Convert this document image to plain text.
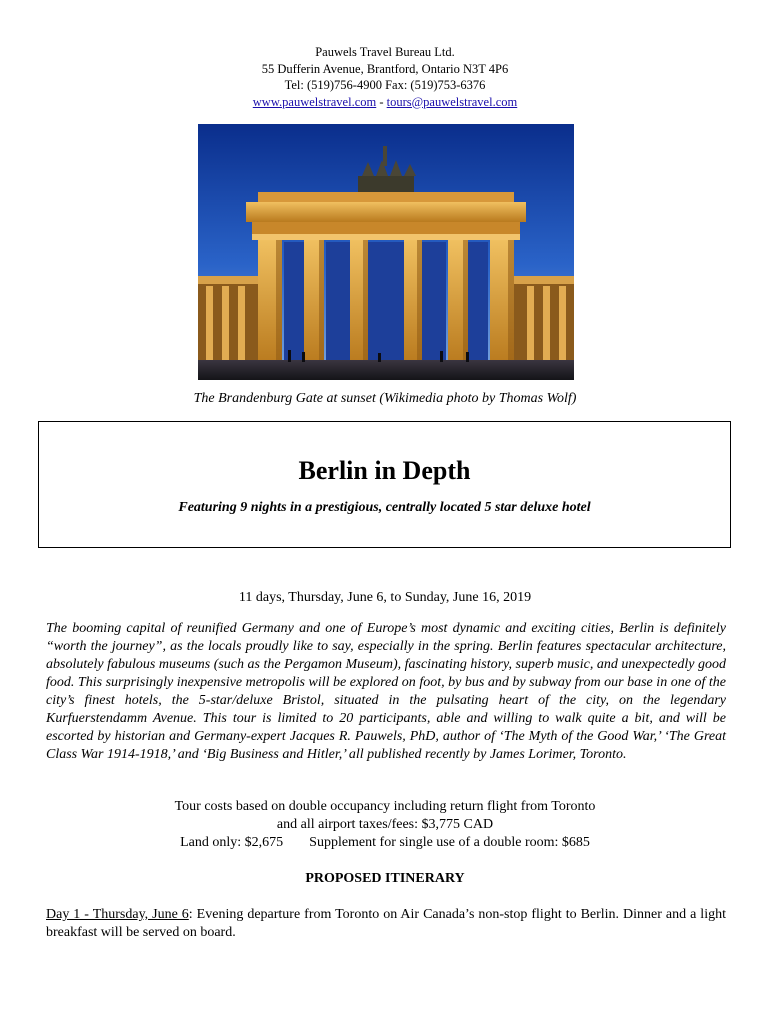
Pauwels Travel Bureau Ltd.
55 Dufferin Avenue, Brantford, Ontario N3T 4P6
Tel: (519)756-4900 Fax: (519)753-6376
www.pauwelstravel.com - tours@pauwelstravel.com
The Brandenburg Gate at sunset (Wikimedia photo by Thomas Wolf)
Berlin in Depth
Featuring 9 nights in a prestigious, centrally located 5 star deluxe hotel
11 days, Thursday, June 6, to Sunday, June 16, 2019
The booming capital of reunified Germany and one of Europe’s most dynamic and exciting cities, Berlin is definitely “worth the journey”, as the locals proudly like to say, especially in the spring. Berlin features spectacular architecture, absolutely fabulous museums (such as the Pergamon Museum), fascinating history, superb music, and unexpectedly good food. This surprisingly inexpensive metropolis will be explored on foot, by bus and by subway from our base in one of the city’s finest hotels, the 5-star/deluxe Bristol, situated in the pulsating heart of the city, on the legendary Kurfuerstendamm Avenue. This tour is limited to 20 participants, able and willing to walk quite a bit, and will be escorted by historian and Germany-expert Jacques R. Pauwels, PhD, author of ‘The Myth of the Good War,’ ‘The Great Class War 1914-1918,’ and ‘Big Business and Hitler,’ all published recently by James Lorimer, Toronto.
Tour costs based on double occupancy including return flight from Toronto
and all airport taxes/fees: $3,775 CAD
Land only: $2,675 Supplement for single use of a double room: $685
PROPOSED ITINERARY
Day 1 - Thursday, June 6: Evening departure from Toronto on Air Canada’s non-stop flight to Berlin. Dinner and a light breakfast will be served on board.
